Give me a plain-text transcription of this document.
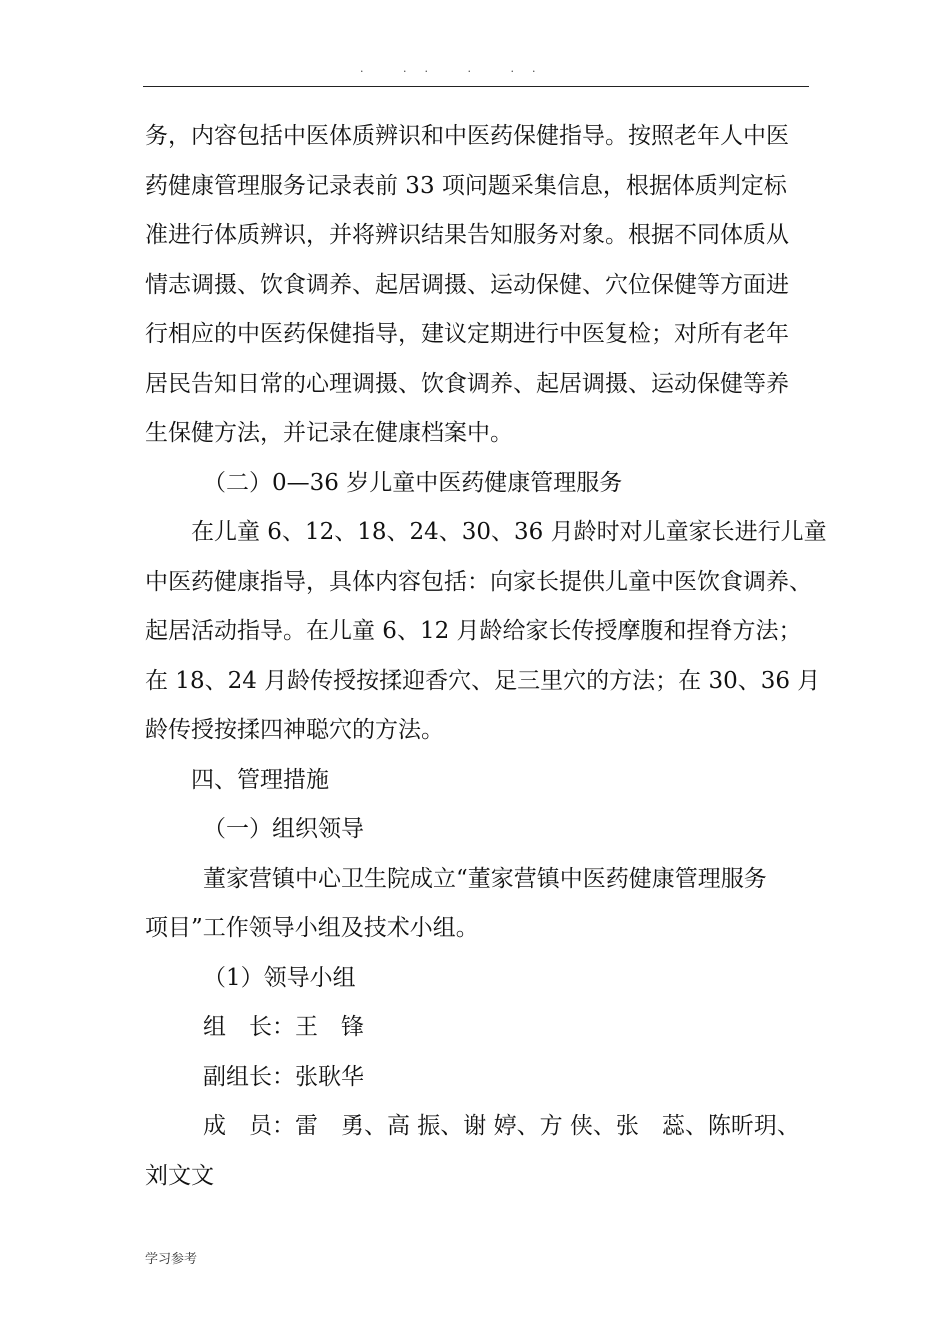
. .. . ..

务，内容包括中医体质辨识和中医药保健指导。按照老年人中医

药健康管理服务记录表前 33 项问题采集信息，根据体质判定标

准进行体质辨识，并将辨识结果告知服务对象。根据不同体质从

情志调摄、饮食调养、起居调摄、运动保健、穴位保健等方面进

行相应的中医药保健指导，建议定期进行中医复检；对所有老年

居民告知日常的心理调摄、饮食调养、起居调摄、运动保健等养

生保健方法，并记录在健康档案中。

（二）0—36 岁儿童中医药健康管理服务

在儿童 6、12、18、24、30、36 月龄时对儿童家长进行儿童

中医药健康指导，具体内容包括：向家长提供儿童中医饮食调养、

起居活动指导。在儿童 6、12 月龄给家长传授摩腹和捏脊方法；

在 18、24 月龄传授按揉迎香穴、足三里穴的方法；在 30、36 月

龄传授按揉四神聪穴的方法。

四、管理措施

（一）组织领导

董家营镇中心卫生院成立“董家营镇中医药健康管理服务

项目”工作领导小组及技术小组。

（1）领导小组

组　长：王　锋

副组长：张耿华

成　员：雷　勇、高 振、谢 婷、方 侠、张　蕊、陈昕玥、

刘文文

学习参考
